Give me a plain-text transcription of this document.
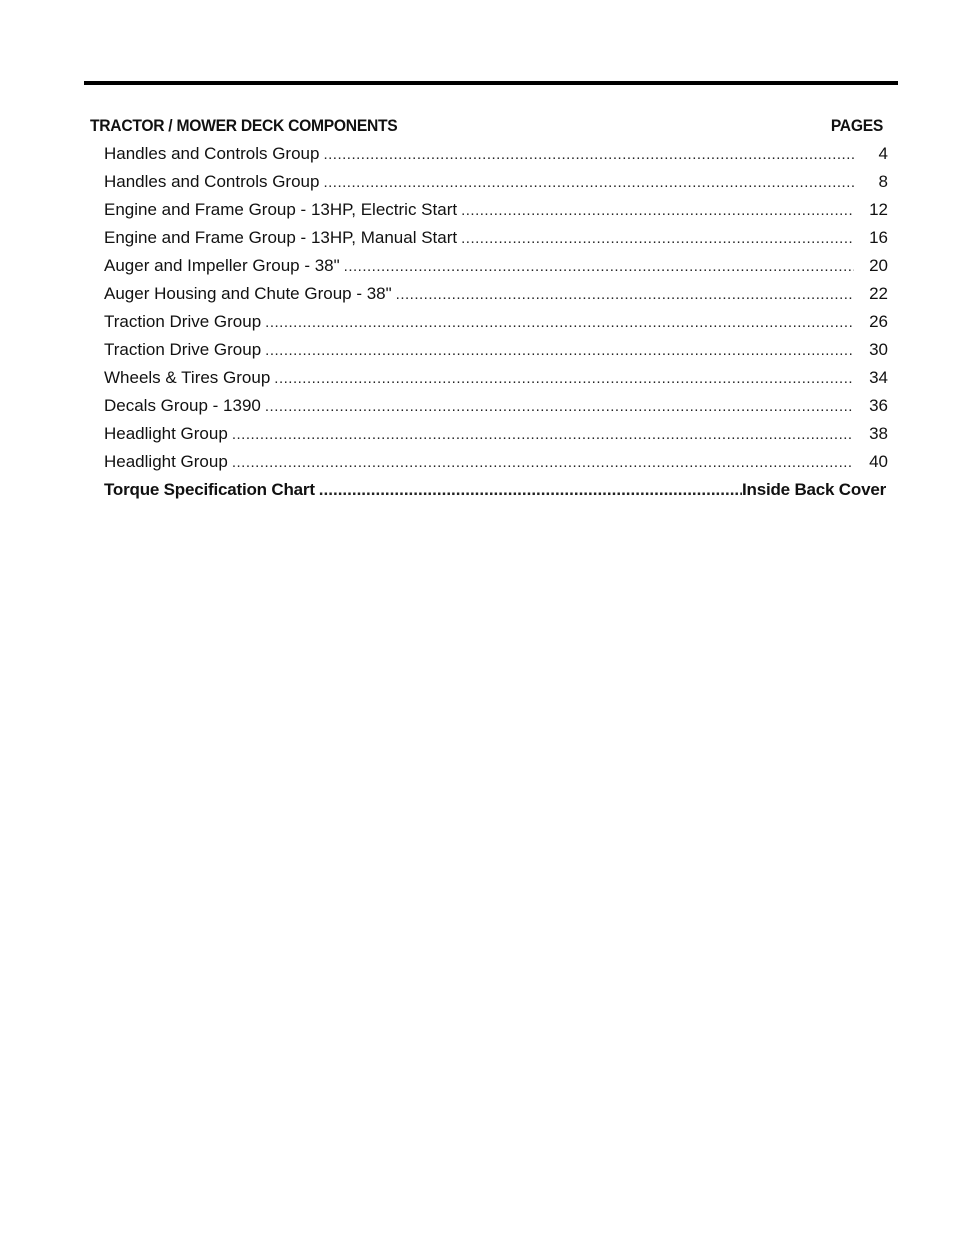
TRACTOR / MOWER DECK COMPONENTS	PAGES
Handles and Controls Group .....	4
Handles and Controls Group .....	8
Engine and Frame Group - 13HP, Electric Start .....	12
Engine and Frame Group - 13HP, Manual Start .....	16
Auger and Impeller Group - 38" .....	20
Auger Housing and Chute Group - 38" .....	22
Traction Drive Group .....	26
Traction Drive Group .....	30
Wheels & Tires Group .....	34
Decals Group - 1390 .....	36
Headlight Group .....	38
Headlight Group .....	40
Torque Specification Chart .....	Inside Back Cover
